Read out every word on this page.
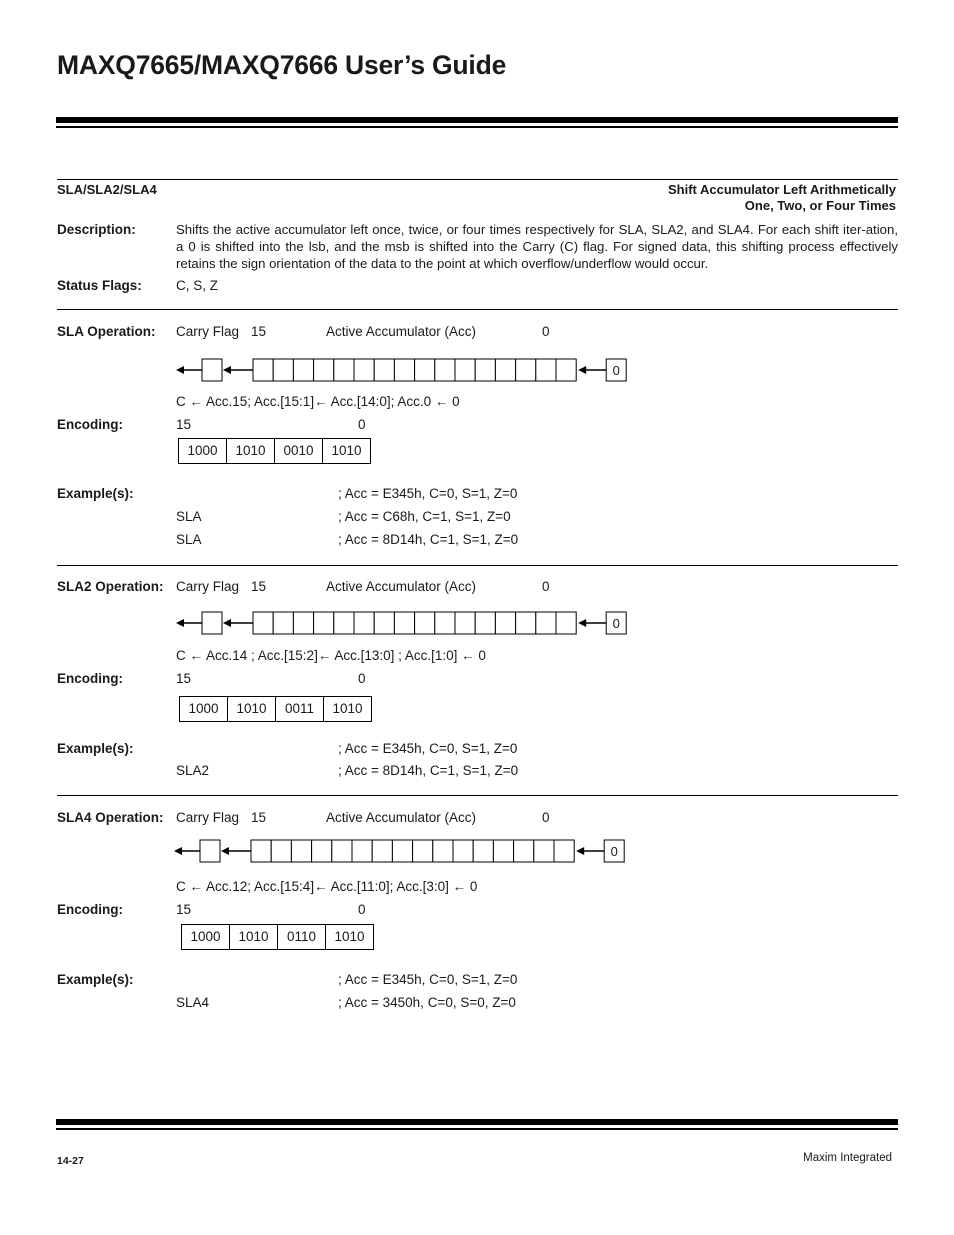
MAXQ7665/MAXQ7666 User’s Guide
SLA/SLA2/SLA4	Shift Accumulator Left Arithmetically
One, Two, or Four Times
Description:	Shifts the active accumulator left once, twice, or four times respectively for SLA, SLA2, and SLA4. For each shift iter-ation, a 0 is shifted into the lsb, and the msb is shifted into the Carry (C) flag. For signed data, this shifting process effectively retains the sign orientation of the data to the point at which overflow/underflow would occur.
Status Flags:	C, S, Z
SLA Operation: Carry Flag 15	Active Accumulator (Acc)	0
0
C ← Acc.15; Acc.[15:1]← Acc.[14:0]; Acc.0 ← 0
Encoding:	15	0
1000	1010	0010	1010
Example(s):	; Acc = E345h, C=0, S=1, Z=0
SLA	; Acc = C68h, C=1, S=1, Z=0
SLA	; Acc = 8D14h, C=1, S=1, Z=0
SLA2 Operation: Carry Flag 15	Active Accumulator (Acc)	0
0
C ← Acc.14 ; Acc.[15:2]← Acc.[13:0] ; Acc.[1:0] ← 0
Encoding:	15	0
1000	1010	0011	1010
Example(s):	; Acc = E345h, C=0, S=1, Z=0
SLA2	; Acc = 8D14h, C=1, S=1, Z=0
SLA4 Operation: Carry Flag 15	Active Accumulator (Acc)	0
0
C ← Acc.12; Acc.[15:4]← Acc.[11:0]; Acc.[3:0] ← 0
Encoding:	15	0
1000	1010	0110	1010
Example(s):	; Acc = E345h, C=0, S=1, Z=0
SLA4	; Acc = 3450h, C=0, S=0, Z=0
14-27	Maxim Integrated
